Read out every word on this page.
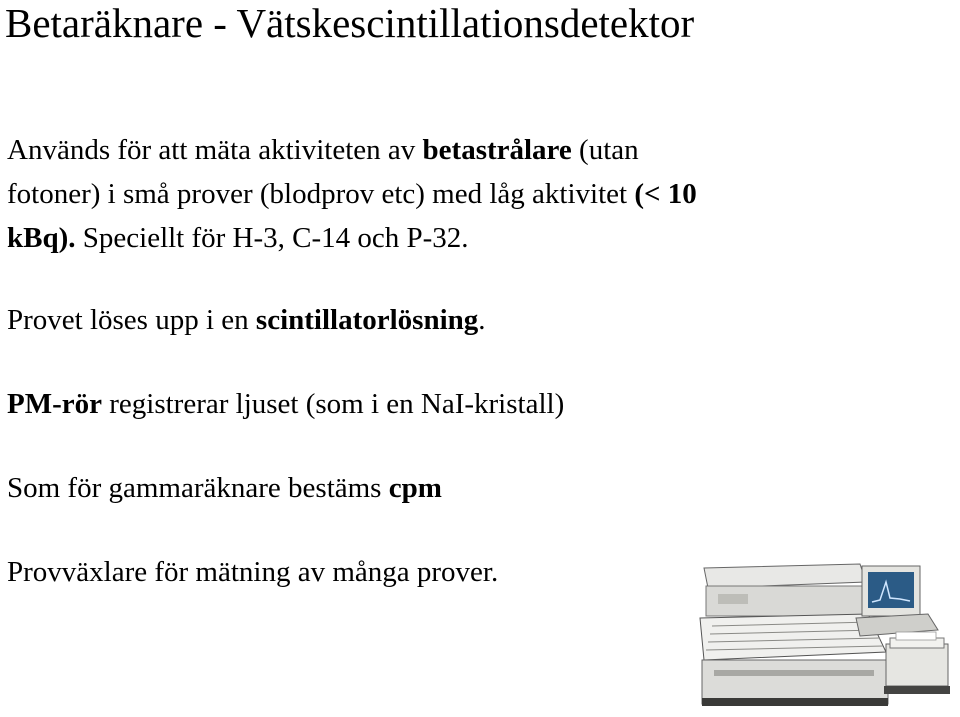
Betaräknare - Vätskescintillationsdetektor

Används för att mäta aktiviteten av betastrålare (utan
fotoner) i små prover (blodprov etc) med låg aktivitet (< 10
kBq). Speciellt för H-3, C-14 och P-32.

Provet löses upp i en scintillatorlösning.

PM-rör registrerar ljuset (som i en NaI-kristall)

Som för gammaräknare bestäms cpm

Provväxlare för mätning av många prover.
